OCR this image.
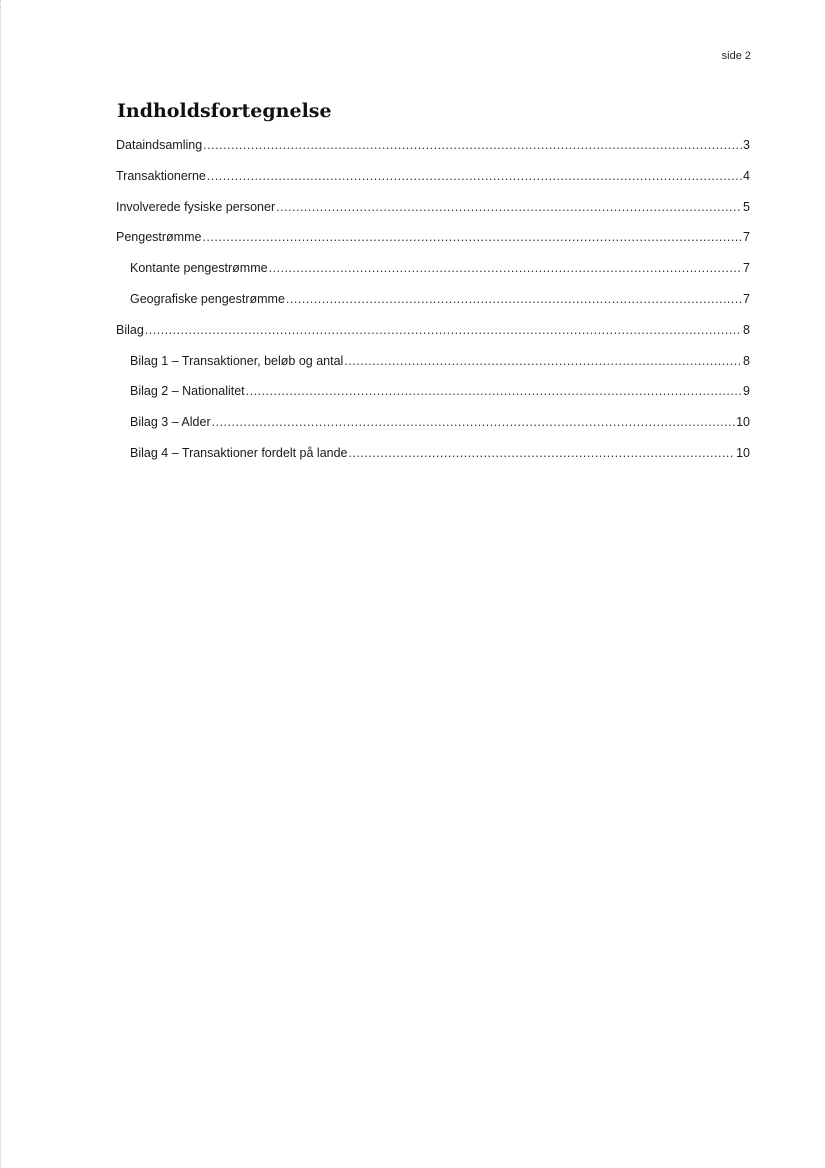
side 2
Indholdsfortegnelse
Dataindsamling .....	3
Transaktionerne .....	4
Involverede fysiske personer .....	5
Pengestrømme .....	7
Kontante pengestrømme .....	7
Geografiske pengestrømme .....	7
Bilag .....	8
Bilag 1 – Transaktioner, beløb og antal .....	8
Bilag 2 – Nationalitet .....	9
Bilag 3 – Alder .....	10
Bilag 4 – Transaktioner fordelt på lande .....	10
